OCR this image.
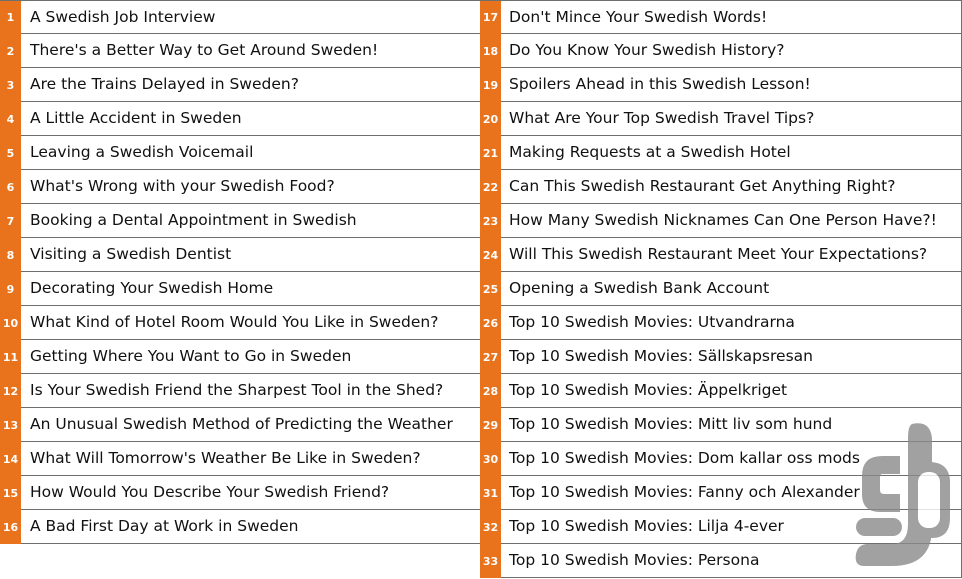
1	A Swedish Job Interview
2	There's a Better Way to Get Around Sweden!
3	Are the Trains Delayed in Sweden?
4	A Little Accident in Sweden
5	Leaving a Swedish Voicemail
6	What's Wrong with your Swedish Food?
7	Booking a Dental Appointment in Swedish
8	Visiting a Swedish Dentist
9	Decorating Your Swedish Home
10 What Kind of Hotel Room Would You Like in Sweden?
11 Getting Where You Want to Go in Sweden
12 Is Your Swedish Friend the Sharpest Tool in the Shed?
13 An Unusual Swedish Method of Predicting the Weather
14 What Will Tomorrow's Weather Be Like in Sweden?
15 How Would You Describe Your Swedish Friend?
16 A Bad First Day at Work in Sweden
17 Don't Mince Your Swedish Words!
18 Do You Know Your Swedish History?
19 Spoilers Ahead in this Swedish Lesson!
20 What Are Your Top Swedish Travel Tips?
21 Making Requests at a Swedish Hotel
22 Can This Swedish Restaurant Get Anything Right?
23 How Many Swedish Nicknames Can One Person Have?!
24 Will This Swedish Restaurant Meet Your Expectations?
25 Opening a Swedish Bank Account
26 Top 10 Swedish Movies: Utvandrarna
27 Top 10 Swedish Movies: Sällskapsresan
28 Top 10 Swedish Movies: Äppelkriget
29 Top 10 Swedish Movies: Mitt liv som hund
30 Top 10 Swedish Movies: Dom kallar oss mods
31 Top 10 Swedish Movies: Fanny och Alexander
32 Top 10 Swedish Movies: Lilja 4-ever
33 Top 10 Swedish Movies: Persona
